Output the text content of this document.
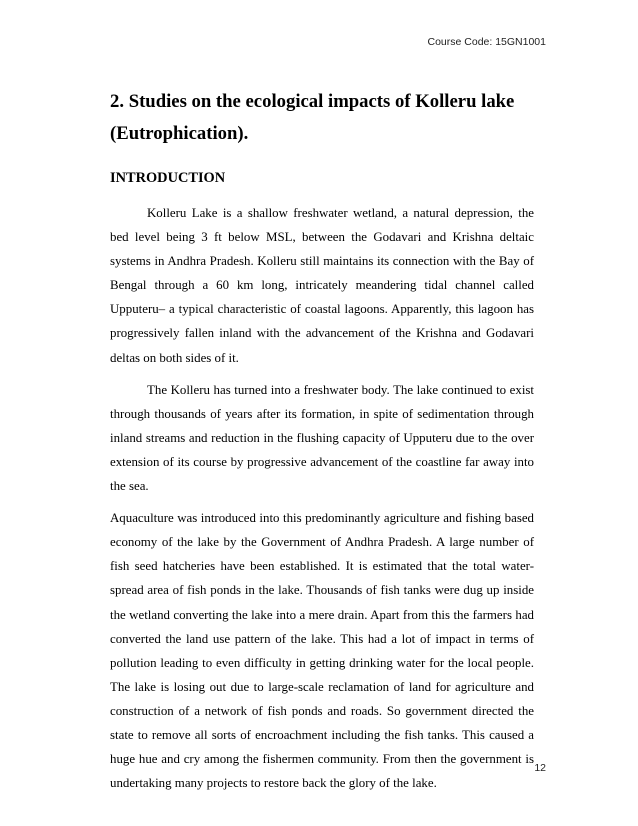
Course Code: 15GN1001
2. Studies on the ecological impacts of Kolleru lake (Eutrophication).
INTRODUCTION

Kolleru Lake is a shallow freshwater wetland, a natural depression, the bed level being 3 ft below MSL, between the Godavari and Krishna deltaic systems in Andhra Pradesh. Kolleru still maintains its connection with the Bay of Bengal through a 60 km long, intricately meandering tidal channel called Upputeru– a typical characteristic of coastal lagoons. Apparently, this lagoon has progressively fallen inland with the advancement of the Krishna and Godavari deltas on both sides of it.

The Kolleru has turned into a freshwater body. The lake continued to exist through thousands of years after its formation, in spite of sedimentation through inland streams and reduction in the flushing capacity of Upputeru due to the over extension of its course by progressive advancement of the coastline far away into the sea.

Aquaculture was introduced into this predominantly agriculture and fishing based economy of the lake by the Government of Andhra Pradesh. A large number of fish seed hatcheries have been established. It is estimated that the total water-spread area of fish ponds in the lake. Thousands of fish tanks were dug up inside the wetland converting the lake into a mere drain. Apart from this the farmers had converted the land use pattern of the lake. This had a lot of impact in terms of pollution leading to even difficulty in getting drinking water for the local people. The lake is losing out due to large-scale reclamation of land for agriculture and construction of a network of fish ponds and roads. So government directed the state to remove all sorts of encroachment including the fish tanks. This caused a huge hue and cry among the fishermen community. From then the government is undertaking many projects to restore back the glory of the lake.

12
